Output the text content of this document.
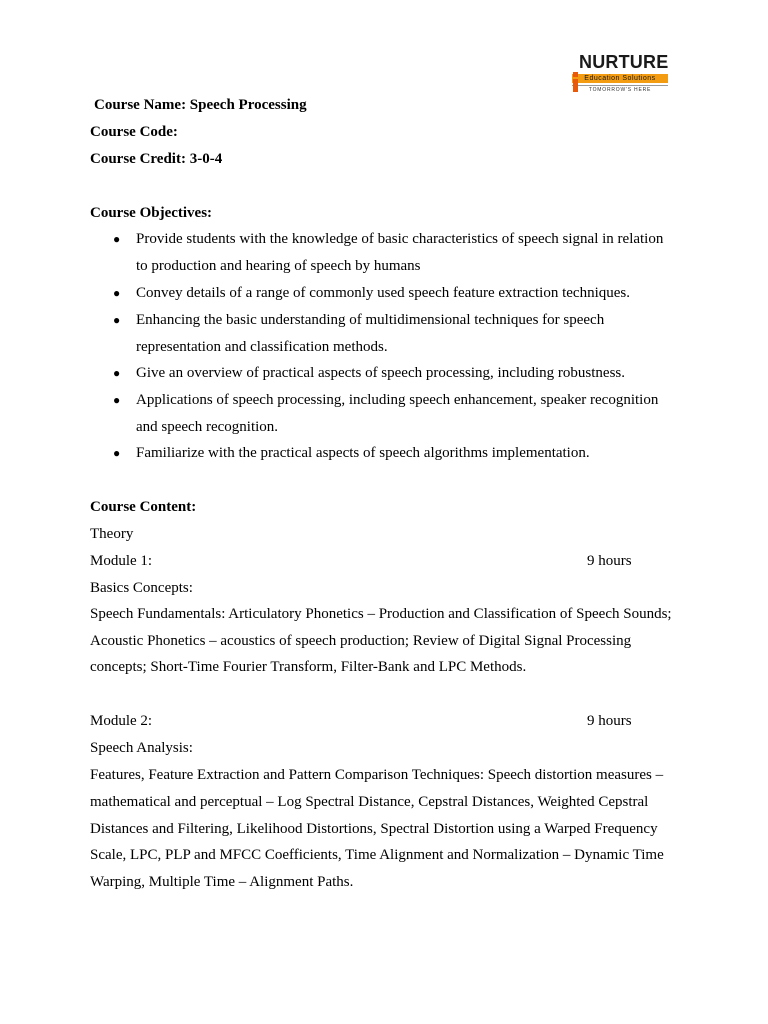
NURTURE
Education Solutions
TOMORROW'S HERE
Course Name: Speech Processing
Course Code:
Course Credit: 3-0-4
Course Objectives:
● Provide students with the knowledge of basic characteristics of speech signal in relation
to production and hearing of speech by humans
● Convey details of a range of commonly used speech feature extraction techniques.
● Enhancing the basic understanding of multidimensional techniques for speech
representation and classification methods.
● Give an overview of practical aspects of speech processing, including robustness.
● Applications of speech processing, including speech enhancement, speaker recognition
and speech recognition.
● Familiarize with the practical aspects of speech algorithms implementation.
Course Content:
Theory
Module 1:	9 hours
Basics Concepts:
Speech Fundamentals: Articulatory Phonetics – Production and Classification of Speech Sounds;
Acoustic Phonetics – acoustics of speech production; Review of Digital Signal Processing
concepts; Short-Time Fourier Transform, Filter-Bank and LPC Methods.
Module 2:	9 hours
Speech Analysis:
Features, Feature Extraction and Pattern Comparison Techniques: Speech distortion measures –
mathematical and perceptual – Log Spectral Distance, Cepstral Distances, Weighted Cepstral
Distances and Filtering, Likelihood Distortions, Spectral Distortion using a Warped Frequency
Scale, LPC, PLP and MFCC Coefficients, Time Alignment and Normalization – Dynamic Time
Warping, Multiple Time – Alignment Paths.
